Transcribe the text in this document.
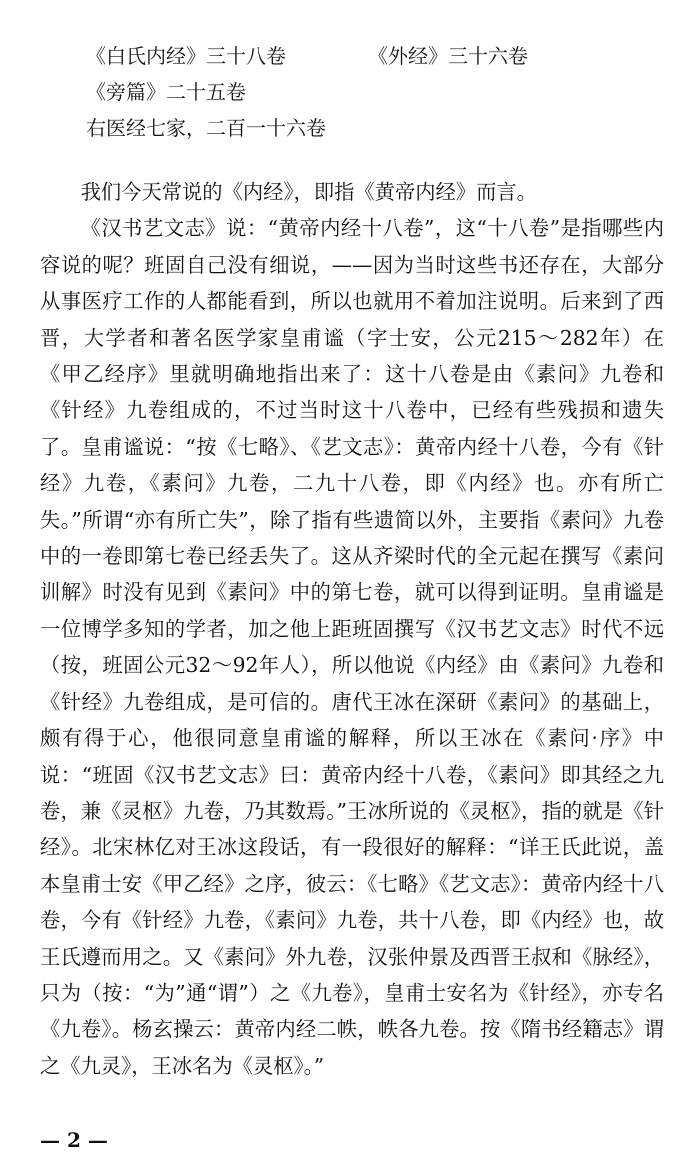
《白氏内经》三十八卷	《外经》三十六卷
《旁篇》二十五卷
右医经七家，二百一十六卷

我们今天常说的《内经》，即指《黄帝内经》而言。

《汉书艺文志》说：“黄帝内经十八卷”，这“十八卷”是指哪些内容说的呢？班固自己没有细说，——因为当时这些书还存在，大部分从事医疗工作的人都能看到，所以也就用不着加注说明。后来到了西晋，大学者和著名医学家皇甫谧（字士安，公元215～282年）在《甲乙经序》里就明确地指出来了：这十八卷是由《素问》九卷和《针经》九卷组成的，不过当时这十八卷中，已经有些残损和遗失了。皇甫谧说：“按《七略》、《艺文志》：黄帝内经十八卷，今有《针经》九卷，《素问》九卷，二九十八卷，即《内经》也。亦有所亡失。”所谓“亦有所亡失”，除了指有些遗简以外，主要指《素问》九卷中的一卷即第七卷已经丢失了。这从齐梁时代的全元起在撰写《素问训解》时没有见到《素问》中的第七卷，就可以得到证明。皇甫谧是一位博学多知的学者，加之他上距班固撰写《汉书艺文志》时代不远（按，班固公元32～92年人），所以他说《内经》由《素问》九卷和《针经》九卷组成，是可信的。唐代王冰在深研《素问》的基础上，颇有得于心，他很同意皇甫谧的解释，所以王冰在《素问·序》中说：“班固《汉书艺文志》曰：黄帝内经十八卷，《素问》即其经之九卷，兼《灵枢》九卷，乃其数焉。”王冰所说的《灵枢》，指的就是《针经》。北宋林亿对王冰这段话，有一段很好的解释：“详王氏此说，盖本皇甫士安《甲乙经》之序，彼云：《七略》《艺文志》：黄帝内经十八卷，今有《针经》九卷，《素问》九卷，共十八卷，即《内经》也，故王氏遵而用之。又《素问》外九卷，汉张仲景及西晋王叔和《脉经》，只为（按：“为”通“谓”）之《九卷》，皇甫士安名为《针经》，亦专名《九卷》。杨玄操云：黄帝内经二帙，帙各九卷。按《隋书经籍志》谓之《九灵》，王冰名为《灵枢》。”

— 2 —
